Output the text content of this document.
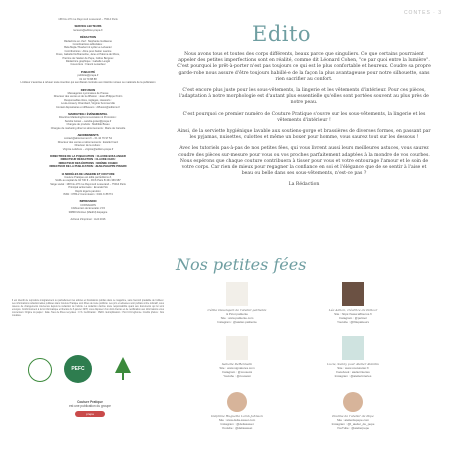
CONTES · 3
168 bis-170 rue Raymond Losserand – 75014 Paris
SERVICE LECTEURS
lecteurs@edition-prepa.fr
RÉDACTION
Rédactrice en chef : Stéphanie Guillaume
Coordinatrices éditoriales :
Bela Mejia-Thaubert & Lydie Le Lelvanier
Contributrices : Aline pour Atelier Laurine
Fines, Isabelle Dehhameline, Jane et Paloma de Ricou,
Pierrine de l'atelier de Pepe, Céline Bergoux
Rédactrice graphique : Isabelle Lenglé
Couverture : Franck Lecardeur
PUBLICITÉ
publicite@prepa.fr
01 44 79 88 88
L'éditeur s'autorise à refuser toute insertion qui semblerait contraire aux intérêts moraux ou matériels de la publication
DIFFUSION
Messageries Lyonnaises de Presse
Directeur des ventes et de la diffusion : Jean-Philippe Poirin
Responsables titres, réglages, réassorts :
Louis-Amaury Chambard, Virginie Sommerville
Contact dépositaires et diffuseurs : diffusion@editions.fr
MARKETING / ÉVÈNEMENTIEL
Directrice Marketing/Communication & Promotion :
Sandra Goiset – sandra.goiset@prepa.fr
Chargée de produits : Mathilde Breau
Chargée de marketing direct et abonnements : Marie de Carvelle
ABONNEMENTS
contact@abonnement.fr – 01 44 79 97 54
Directeur des ventes et abonnements : Estelle Franz
Directeur de la culture :
Virginie Lefebvre – virginie@edition-prepa.fr
DIRECTRICE DE LA PUBLICATION : CLAUDE BOULANGER
DIRECTEUR RÉDACTION : CLAUDE CHOU
DIRECTEUR DES ÉDITIONS : NOÉMIE COHEN
DIRECTEUR DE LA PUBLICATION : JEAN-PHILIPPE PINARD
11 MODÈLES DE LINGERIE ET COUTURE
Couture Pratique est édité par Éditions Z,
SARL au capital de 94 730 € – RCS Paris B 431 369 987
Siège social : 168 bis-170 rue Raymond Losserand – 75014 Paris
Principal actionnaire : Emerald SA
Dépôt légal à parution
ISSN : 0780-2 Commission : 0321 K 86774
IMPRESSION
CORNAGRIN
C/Mountain de Emeralto nº15
30890 Montreo (Madrid) Espagne
Achevé d'imprimer : Avril 2016
Il est interdit de reproduire intégralement ou partiellement les articles et illustrations publiés dans ce magazine, sans l'accord préalable de l'éditeur. Les informations rédactionnelles publiées dans Couture Pratique sont libres de toute publicité. Les prix et adresses sont publiés à titre indicatif, sous réserve de changements intervenus depuis la rédaction de l'article. La rédaction décline toute responsabilité quant aux documents qui lui sont envoyés. Conformément à la loi informatique et libertés du 6 janvier 1978, vous disposez d'un droit d'accès et de rectification aux informations vous concernant. Origine du papier : Italie. Taux de fibres recyclées : 0 %. Certification : PEFC. Eutrophisation : Ptot 0.01 kg/tonne. Crédits photos : Nos modèles.
PEFC
Couture Pratique
est une publication du groupe
prepa
Edito

Nous avons tous et toutes des corps différents, beaux parce que singuliers. Ce que certains pourraient appeler des petites imperfections sont en réalité, comme dit Léonard Cohen, "ce par quoi entre la lumière". C'est pourquoi le prêt-à-porter n'est pas toujours ce qui est le plus confortable et heureux. Coudre sa propre garde-robe nous assure d'être toujours habillé·e de la façon la plus avantageuse pour notre silhouette, sans rien sacrifier au confort.

C'est encore plus juste pour les sous-vêtements, la lingerie et les vêtements d'intérieur. Pour ces pièces, l'adaptation à notre morphologie est d'autant plus essentielle qu'elles sont portées souvent au plus près de notre peau.

C'est pourquoi ce premier numéro de Couture Pratique s'ouvre sur les sous-vêtements, la lingerie et les vêtements d'intérieur !

Ainsi, de la serviette hygiénique lavable aux soutiens-gorge et brassières de diverses formes, en passant par les pyjamas, nuisettes, culottes et même un boxer pour homme, vous saurez tout sur les dessous !

Avec les tutoriels pas-à-pas de nos petites fées, qui vous livrent aussi leurs meilleures astuces, vous saurez coudre des pièces sur-mesure pour vous ou vos proches parfaitement adaptées à la mondre de vos courbes. Nous espérons que chaque couture contribuera à tisser pour vous et votre entourage l'amour et le soin de votre corps. Car rien de mieux pour regagner la confiance en soi et l'élégance que de se sentir à l'aise et beau ou belle dans ses sous-vêtements, n'est-ce pas ?

La Rédaction

Nos petites fées
Céline Desanquin de l'atelier-pattiente
& Picot pattiente
Site : www.pattiente.com
Instagram : @atelier-pattiente
Léa Adnon, créatrice de Peltoor
Site : https://www.alflouros.fr
Instagram : @peltoor
Youtube : @fitlepatteurs
Isabelle DeRennelle
Site : www.signatures.com
Instagram : @cousetoi
Youtube : @cousetoi
Lucie, Sunny pour Atelier Atlantis
Site : www.couturetier.fr
Facebook : atelierinteries
Instagram : @atelierinteries
Delphine Huguette Lamb-Johnson
Site : www.delia-sweet.com
Instagram : @deliasweet
Youtube : @deliasweet
Pauline de l'atelier de Pepe
Site : atelierdepepe.com
Instagram : @l_atelier_de_pepe
YouTube : @atelierpepe
